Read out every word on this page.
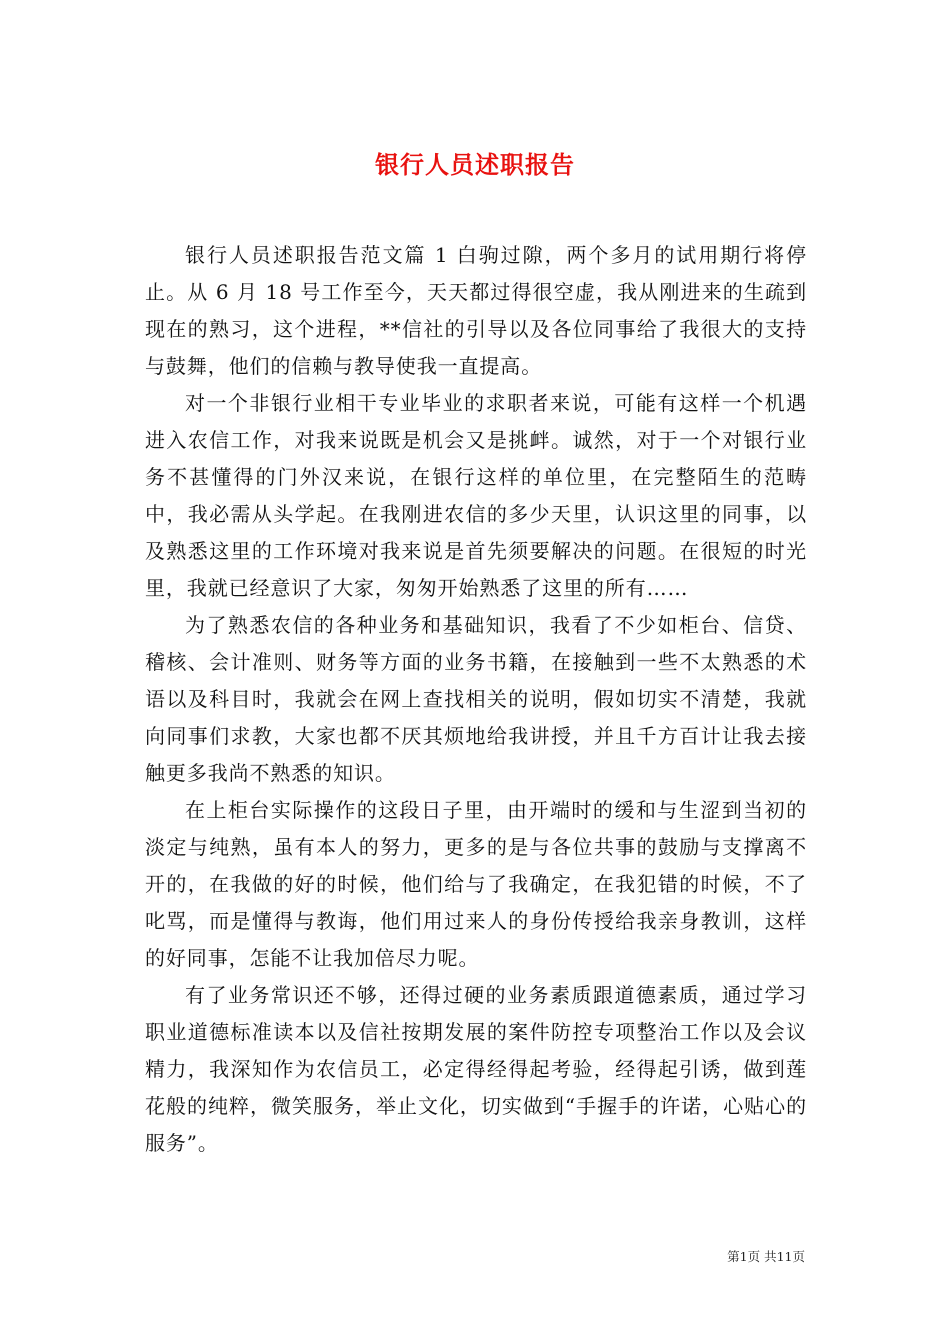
银行人员述职报告

银行人员述职报告范文篇 1 白驹过隙，两个多月的试用期行将停止。从 6 月 18 号工作至今，天天都过得很空虚，我从刚进来的生疏到现在的熟习，这个进程，**信社的引导以及各位同事给了我很大的支持与鼓舞，他们的信赖与教导使我一直提高。

对一个非银行业相干专业毕业的求职者来说，可能有这样一个机遇进入农信工作，对我来说既是机会又是挑衅。诚然，对于一个对银行业务不甚懂得的门外汉来说，在银行这样的单位里，在完整陌生的范畴中，我必需从头学起。在我刚进农信的多少天里，认识这里的同事，以及熟悉这里的工作环境对我来说是首先须要解决的问题。在很短的时光里，我就已经意识了大家，匆匆开始熟悉了这里的所有……

为了熟悉农信的各种业务和基础知识，我看了不少如柜台、信贷、稽核、会计准则、财务等方面的业务书籍，在接触到一些不太熟悉的术语以及科目时，我就会在网上查找相关的说明，假如切实不清楚，我就向同事们求教，大家也都不厌其烦地给我讲授，并且千方百计让我去接触更多我尚不熟悉的知识。

在上柜台实际操作的这段日子里，由开端时的缓和与生涩到当初的淡定与纯熟，虽有本人的努力，更多的是与各位共事的鼓励与支撑离不开的，在我做的好的时候，他们给与了我确定，在我犯错的时候，不了叱骂，而是懂得与教诲，他们用过来人的身份传授给我亲身教训，这样的好同事，怎能不让我加倍尽力呢。

有了业务常识还不够，还得过硬的业务素质跟道德素质，通过学习职业道德标准读本以及信社按期发展的案件防控专项整治工作以及会议精力，我深知作为农信员工，必定得经得起考验，经得起引诱，做到莲花般的纯粹，微笑服务，举止文化，切实做到“手握手的许诺，心贴心的服务”。

第1页 共11页
